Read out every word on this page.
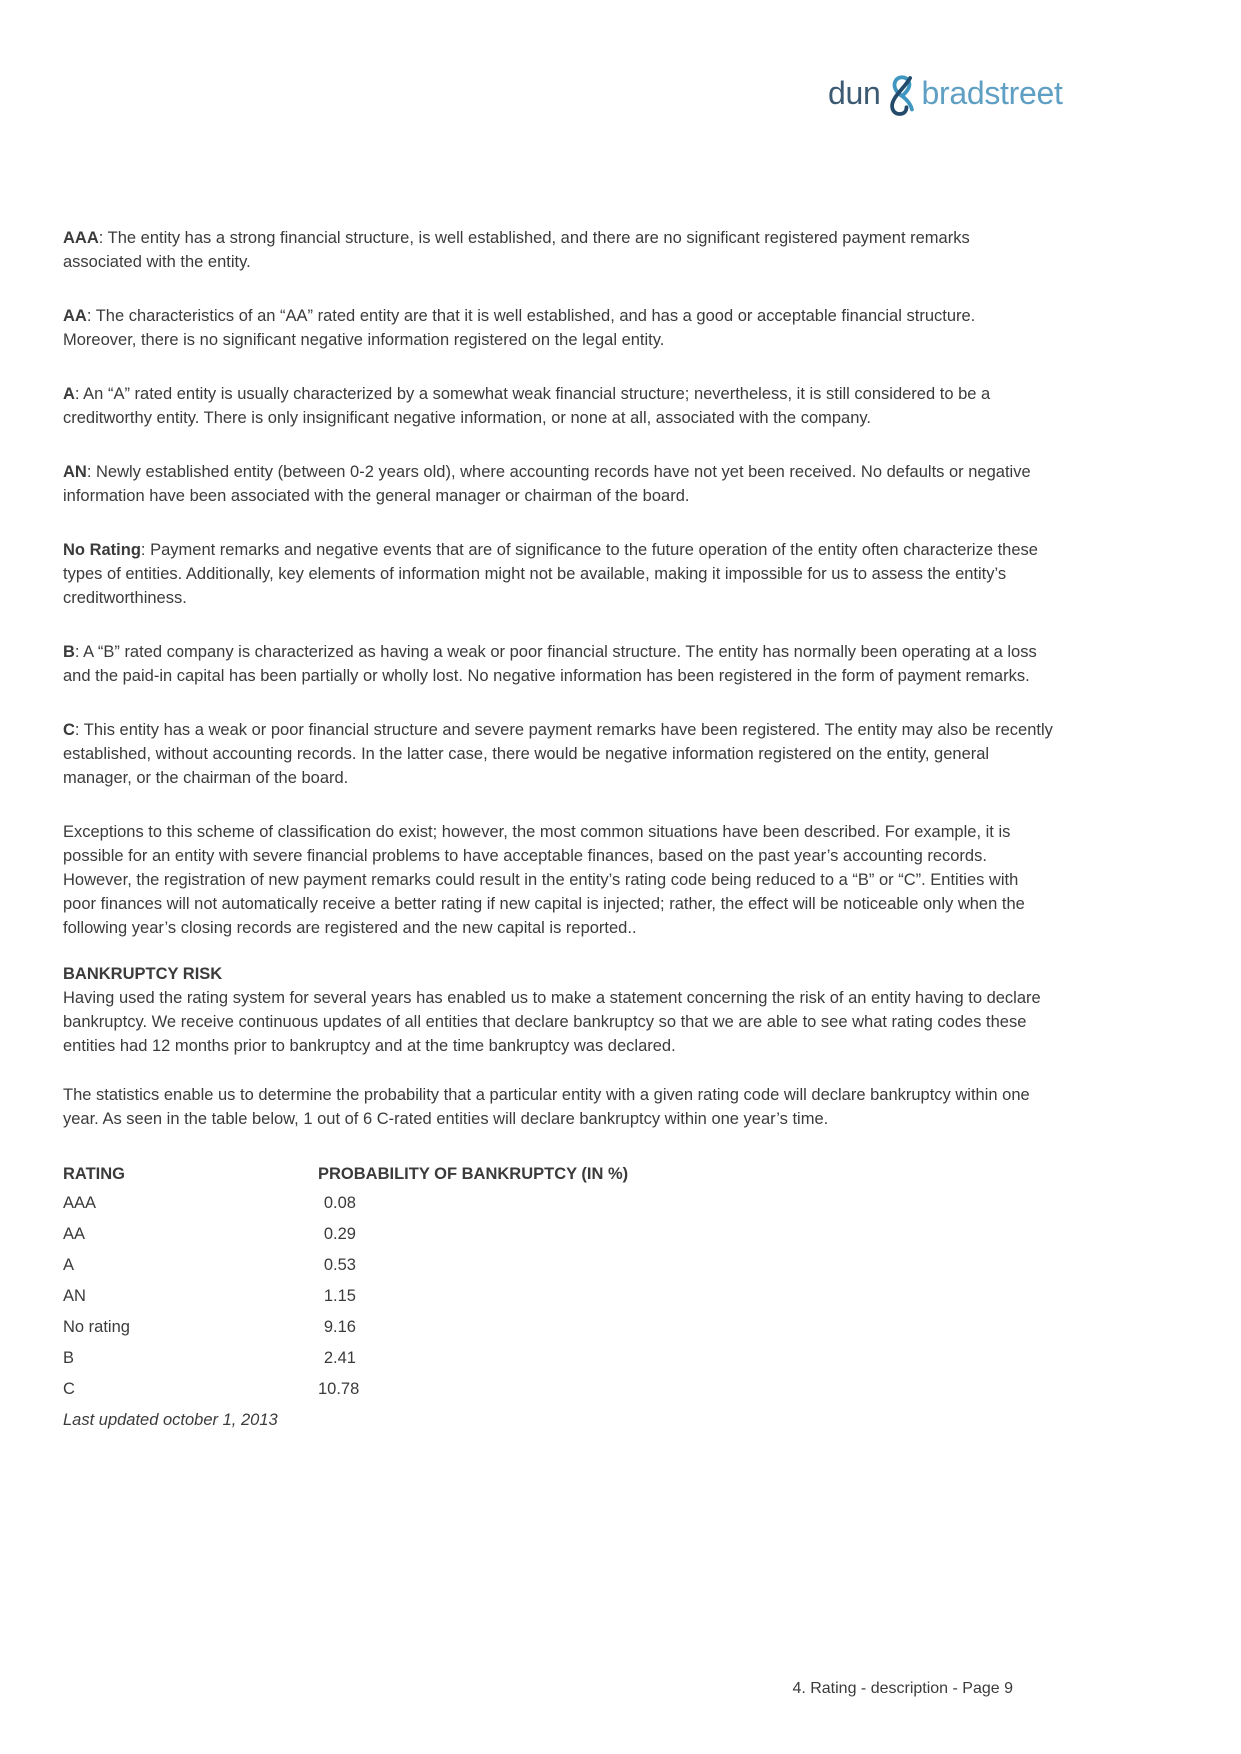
dun bradstreet

AAA: The entity has a strong financial structure, is well established, and there are no significant registered payment remarks associated with the entity.

AA: The characteristics of an “AA” rated entity are that it is well established, and has a good or acceptable financial structure. Moreover, there is no significant negative information registered on the legal entity.

A: An “A” rated entity is usually characterized by a somewhat weak financial structure; nevertheless, it is still considered to be a creditworthy entity. There is only insignificant negative information, or none at all, associated with the company.

AN: Newly established entity (between 0-2 years old), where accounting records have not yet been received. No defaults or negative information have been associated with the general manager or chairman of the board.

No Rating: Payment remarks and negative events that are of significance to the future operation of the entity often characterize these types of entities. Additionally, key elements of information might not be available, making it impossible for us to assess the entity’s creditworthiness.

B: A “B” rated company is characterized as having a weak or poor financial structure. The entity has normally been operating at a loss and the paid-in capital has been partially or wholly lost. No negative information has been registered in the form of payment remarks.

C: This entity has a weak or poor financial structure and severe payment remarks have been registered. The entity may also be recently established, without accounting records. In the latter case, there would be negative information registered on the entity, general manager, or the chairman of the board.

Exceptions to this scheme of classification do exist; however, the most common situations have been described. For example, it is possible for an entity with severe financial problems to have acceptable finances, based on the past year’s accounting records. However, the registration of new payment remarks could result in the entity’s rating code being reduced to a “B” or “C”. Entities with poor finances will not automatically receive a better rating if new capital is injected; rather, the effect will be noticeable only when the following year’s closing records are registered and the new capital is reported..

BANKRUPTCY RISK

Having used the rating system for several years has enabled us to make a statement concerning the risk of an entity having to declare bankruptcy. We receive continuous updates of all entities that declare bankruptcy so that we are able to see what rating codes these entities had 12 months prior to bankruptcy and at the time bankruptcy was declared.

The statistics enable us to determine the probability that a particular entity with a given rating code will declare bankruptcy within one year. As seen in the table below, 1 out of 6 C-rated entities will declare bankruptcy within one year’s time.

RATING	PROBABILITY OF BANKRUPTCY (IN %)
AAA	0.08
AA	0.29
A	0.53
AN	1.15
No rating	9.16
B	2.41
C	10.78

Last updated october 1, 2013

4. Rating - description - Page 9
